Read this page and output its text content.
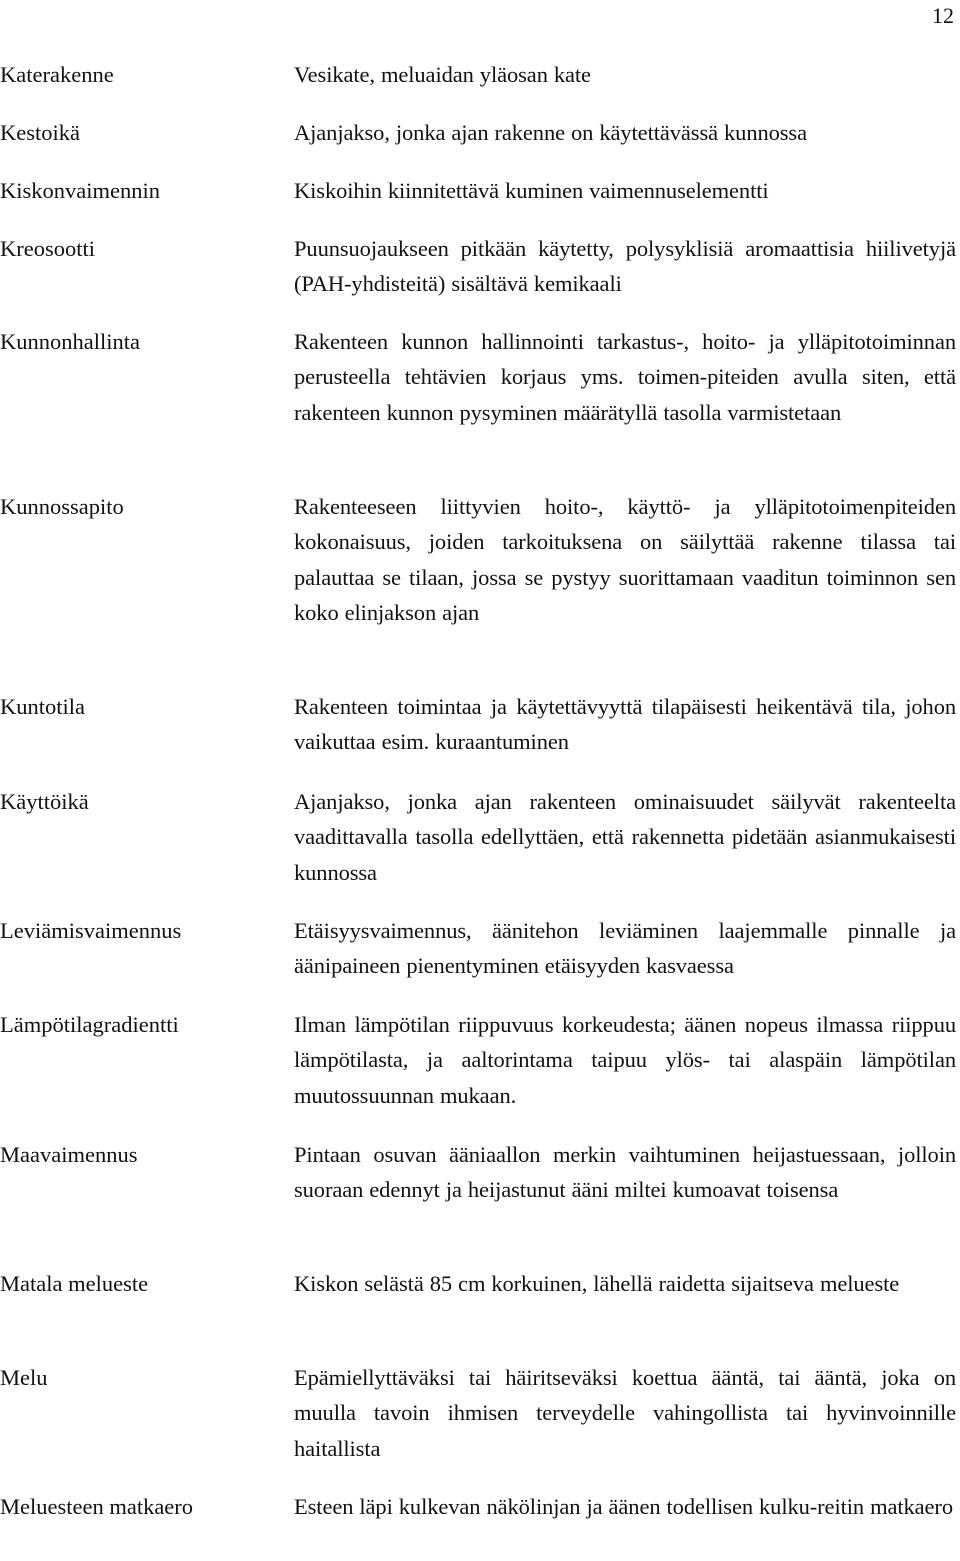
12
Katerakenne	Vesikate, meluaidan yläosan kate
Kestoikä	Ajanjakso, jonka ajan rakenne on käytettävässä kunnossa
Kiskonvaimennin	Kiskoihin kiinnitettävä kuminen vaimennuselementti
Kreosootti	Puunsuojaukseen pitkään käytetty, polysyklisiä aromaattisia hiilivetyjä (PAH-yhdisteitä) sisältävä kemikaali
Kunnonhallinta	Rakenteen kunnon hallinnointi tarkastus-, hoito- ja ylläpitotoiminnan perusteella tehtävien korjaus yms. toimen-piteiden avulla siten, että rakenteen kunnon pysyminen määrätyllä tasolla varmistetaan
Kunnossapito	Rakenteeseen liittyvien hoito-, käyttö- ja ylläpitotoimenpiteiden kokonaisuus, joiden tarkoituksena on säilyttää rakenne tilassa tai palauttaa se tilaan, jossa se pystyy suorittamaan vaaditun toiminnon sen koko elinjakson ajan
Kuntotila	Rakenteen toimintaa ja käytettävyyttä tilapäisesti heikentävä tila, johon vaikuttaa esim. kuraantuminen
Käyttöikä	Ajanjakso, jonka ajan rakenteen ominaisuudet säilyvät rakenteelta vaadittavalla tasolla edellyttäen, että rakennetta pidetään asianmukaisesti kunnossa
Leviämisvaimennus	Etäisyysvaimennus, äänitehon leviäminen laajemmalle pinnalle ja äänipaineen pienentyminen etäisyyden kasvaessa
Lämpötilagradientti	Ilman lämpötilan riippuvuus korkeudesta; äänen nopeus ilmassa riippuu lämpötilasta, ja aaltorintama taipuu ylös- tai alaspäin lämpötilan muutossuunnan mukaan.
Maavaimennus	Pintaan osuvan ääniaallon merkin vaihtuminen heijastuessaan, jolloin suoraan edennyt ja heijastunut ääni miltei kumoavat toisensa
Matala melueste	Kiskon selästä 85 cm korkuinen, lähellä raidetta sijaitseva melueste
Melu	Epämiellyttäväksi tai häiritseväksi koettua ääntä, tai ääntä, joka on muulla tavoin ihmisen terveydelle vahingollista tai hyvinvoinnille haitallista
Meluesteen matkaero	Esteen läpi kulkevan näkölinjan ja äänen todellisen kulku-reitin matkaero
